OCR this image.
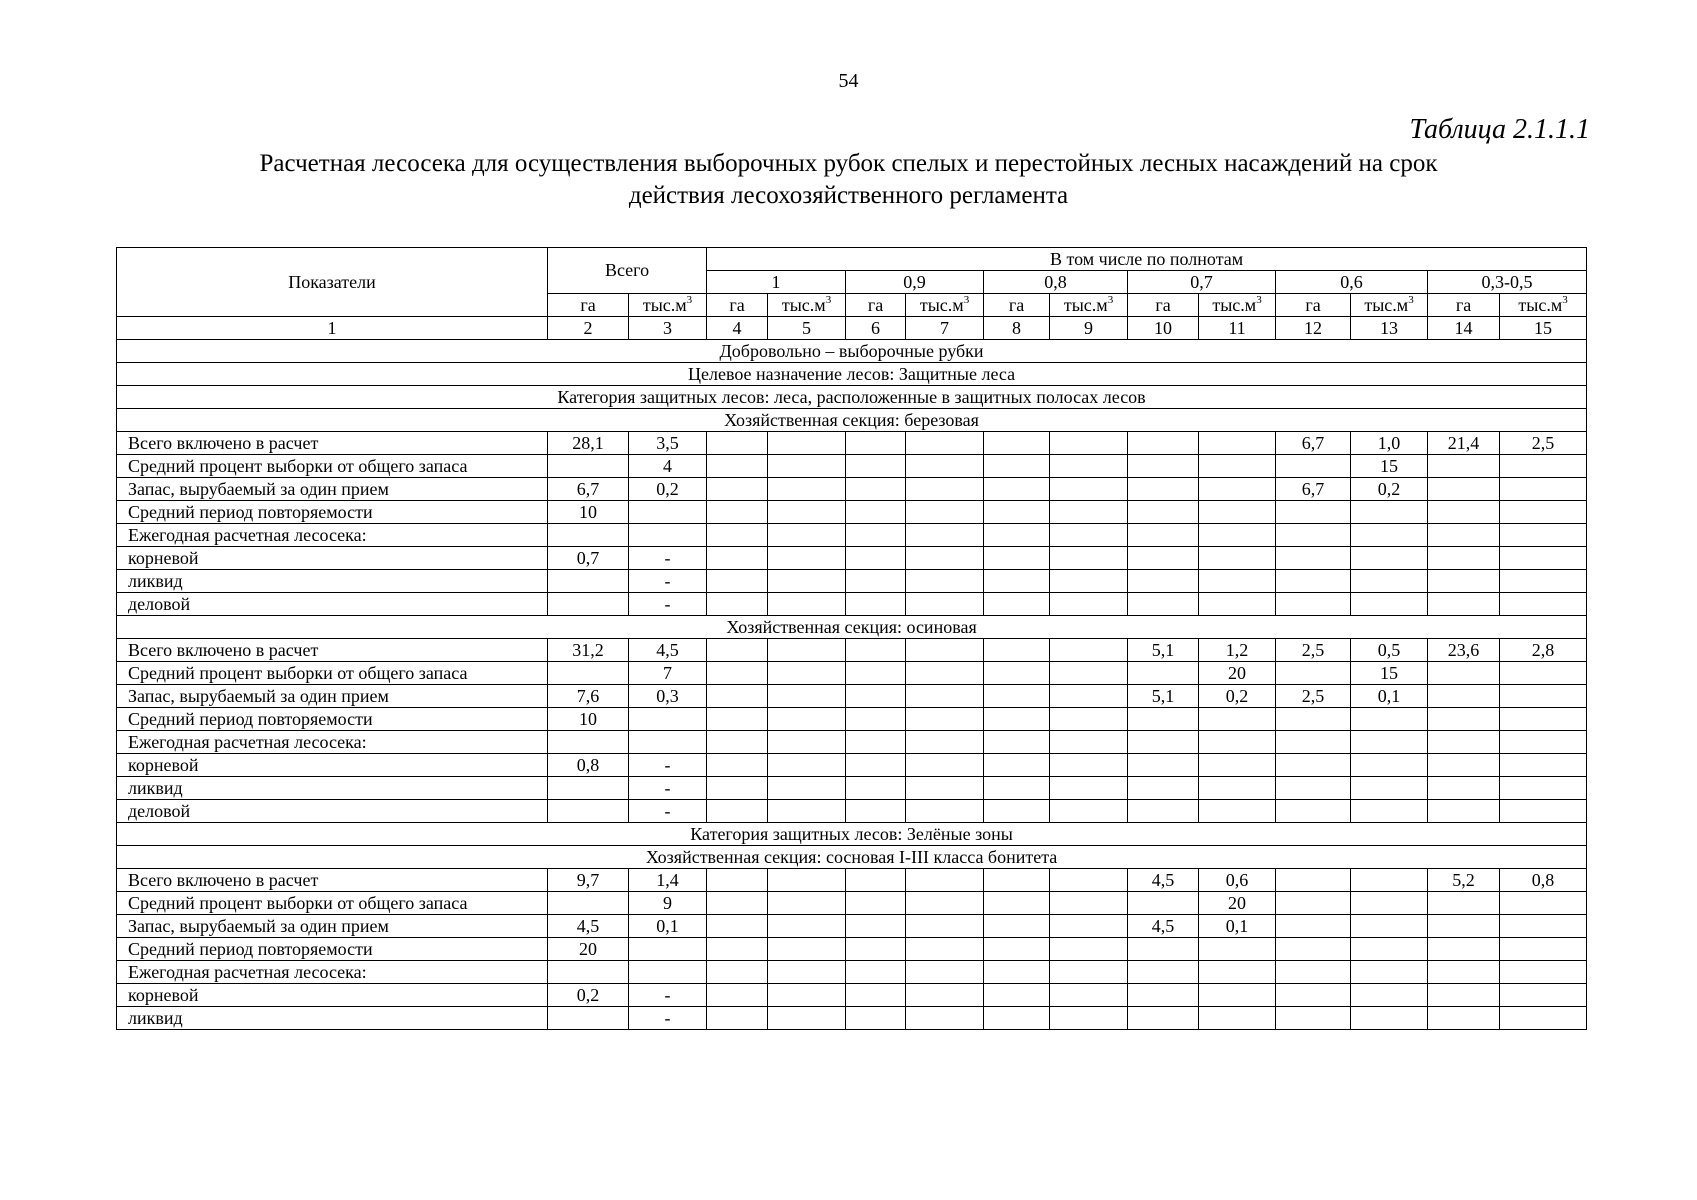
54
Таблица 2.1.1.1
Расчетная лесосека для осуществления выборочных рубок спелых и перестойных лесных насаждений на срок
действия лесохозяйственного регламента
Показатели	Всего		В том числе по полнотам											
			1		0,9		0,8		0,7		0,6		0,3-0,5	
	га	$тыс.м^3$	га	$тыс.м^3$	га	$тыс.м^3$	га	$тыс.м^3$	га	$тыс.м^3$	га	$тыс.м^3$	га	$тыс.м^3$
1	2	3	4	5	6	7	8	9	10	11	12	13	14	15
Добровольно – выборочные рубки														
Целевое назначение лесов: Защитные леса														
Категория защитных лесов: леса, расположенные в защитных полосах лесов														
Хозяйственная секция: березовая														
Всего включено в расчет	28,1	3,5									6,7	1,0	21,4	2,5
Средний процент выборки от общего запаса		4										15		
Запас, вырубаемый за один прием	6,7	0,2									6,7	0,2		
Средний период повторяемости	10													
Ежегодная расчетная лесосека:														
корневой	0,7	-												
ликвид		-												
деловой		-												
Хозяйственная секция: осиновая														
Всего включено в расчет	31,2	4,5							5,1	1,2	2,5	0,5	23,6	2,8
Средний процент выборки от общего запаса		7								20		15		
Запас, вырубаемый за один прием	7,6	0,3							5,1	0,2	2,5	0,1		
Средний период повторяемости	10													
Ежегодная расчетная лесосека:														
корневой	0,8	-												
ликвид		-												
деловой		-												
Категория защитных лесов: Зелёные зоны														
Хозяйственная секция: сосновая I-III класса бонитета														
Всего включено в расчет	9,7	1,4							4,5	0,6			5,2	0,8
Средний процент выборки от общего запаса		9								20				
Запас, вырубаемый за один прием	4,5	0,1							4,5	0,1				
Средний период повторяемости	20													
Ежегодная расчетная лесосека:														
корневой	0,2	-												
ликвид		-												
